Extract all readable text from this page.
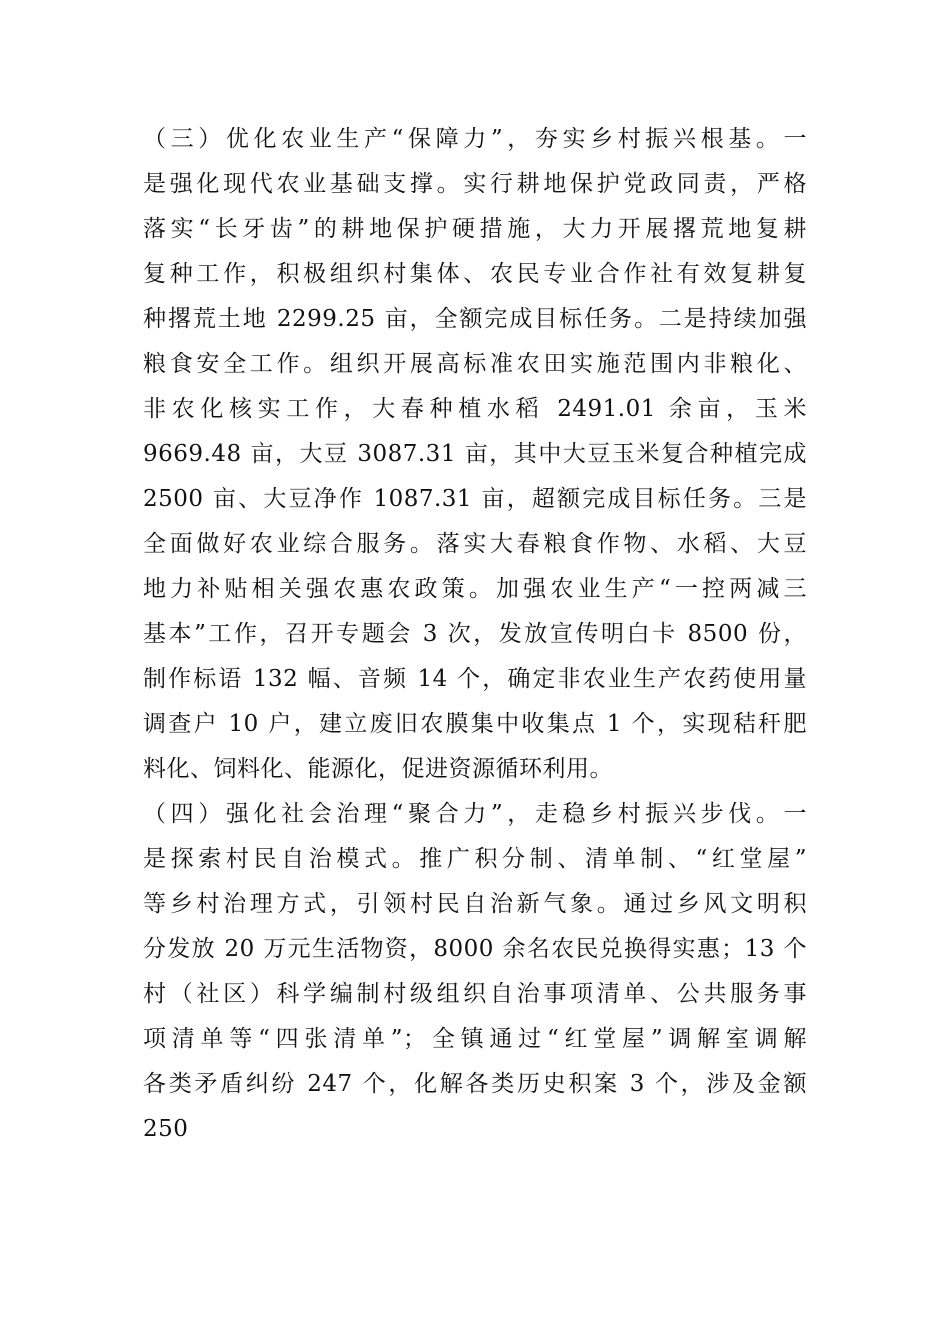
（三）优化农业生产“保障力”，夯实乡村振兴根基。一
是强化现代农业基础支撑。实行耕地保护党政同责，严格
落实“长牙齿”的耕地保护硬措施，大力开展撂荒地复耕
复种工作，积极组织村集体、农民专业合作社有效复耕复
种撂荒土地 2299.25 亩，全额完成目标任务。二是持续加强
粮食安全工作。组织开展高标准农田实施范围内非粮化、
非农化核实工作，大春种植水稻 2491.01 余亩，玉米
9669.48 亩，大豆 3087.31 亩，其中大豆玉米复合种植完成
2500 亩、大豆净作 1087.31 亩，超额完成目标任务。三是
全面做好农业综合服务。落实大春粮食作物、水稻、大豆
地力补贴相关强农惠农政策。加强农业生产“一控两减三
基本”工作，召开专题会 3 次，发放宣传明白卡 8500 份，
制作标语 132 幅、音频 14 个，确定非农业生产农药使用量
调查户 10 户，建立废旧农膜集中收集点 1 个，实现秸秆肥
料化、饲料化、能源化，促进资源循环利用。
（四）强化社会治理“聚合力”，走稳乡村振兴步伐。一
是探索村民自治模式。推广积分制、清单制、“红堂屋”
等乡村治理方式，引领村民自治新气象。通过乡风文明积
分发放 20 万元生活物资，8000 余名农民兑换得实惠；13 个
村（社区）科学编制村级组织自治事项清单、公共服务事
项清单等“四张清单”；全镇通过“红堂屋”调解室调解
各类矛盾纠纷 247 个，化解各类历史积案 3 个，涉及金额
250
